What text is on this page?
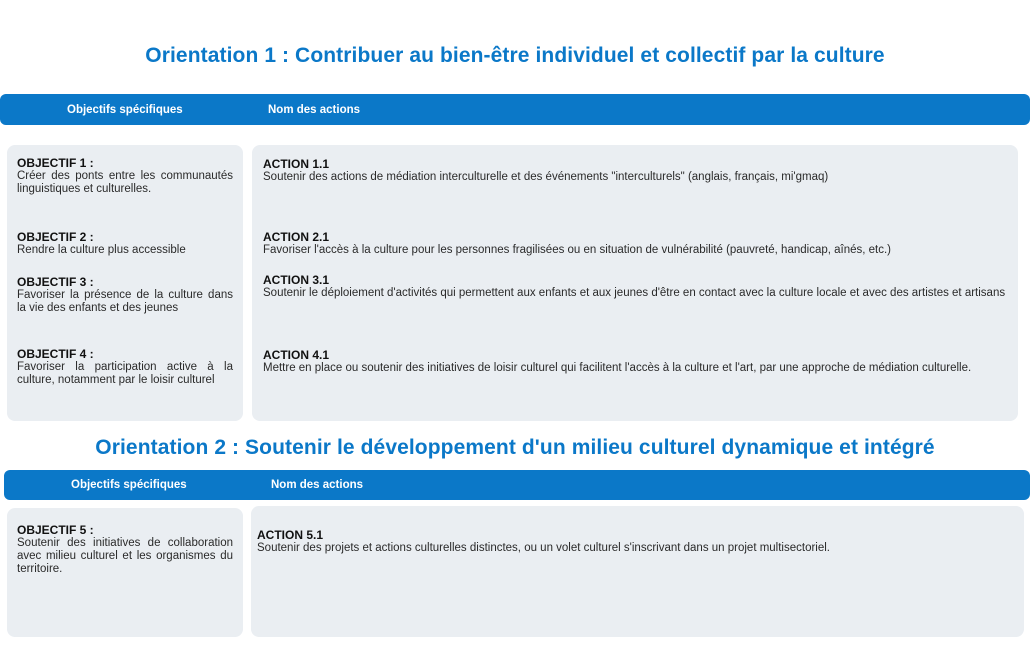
Orientation 1 : Contribuer au bien-être individuel et collectif par la culture
Objectifs spécifiques	Nom des actions
OBJECTIF 1 :
Créer des ponts entre les communautés linguistiques et culturelles.
OBJECTIF 2 :
Rendre la culture plus accessible
OBJECTIF 3 :
Favoriser la présence de la culture dans la vie des enfants et des jeunes
OBJECTIF 4 :
Favoriser la participation active à la culture, notamment par le loisir culturel
ACTION 1.1
Soutenir des actions de médiation interculturelle et des événements "interculturels" (anglais, français, mi'gmaq)
ACTION 2.1
Favoriser l'accès à la culture pour les personnes fragilisées ou en situation de vulnérabilité (pauvreté, handicap, aînés, etc.)
ACTION 3.1
Soutenir le déploiement d'activités qui permettent aux enfants et aux jeunes d'être en contact avec la culture locale et avec des artistes et artisans
ACTION 4.1
Mettre en place ou soutenir des initiatives de loisir culturel qui facilitent l'accès à la culture et l'art, par une approche de médiation culturelle.
Orientation 2 : Soutenir le développement d'un milieu culturel dynamique et intégré
Objectifs spécifiques	Nom des actions
OBJECTIF 5 :
Soutenir des initiatives de collaboration avec milieu culturel et les organismes du territoire.
ACTION 5.1
Soutenir des projets et actions culturelles distinctes, ou un volet culturel s'inscrivant dans un projet multisectoriel.
